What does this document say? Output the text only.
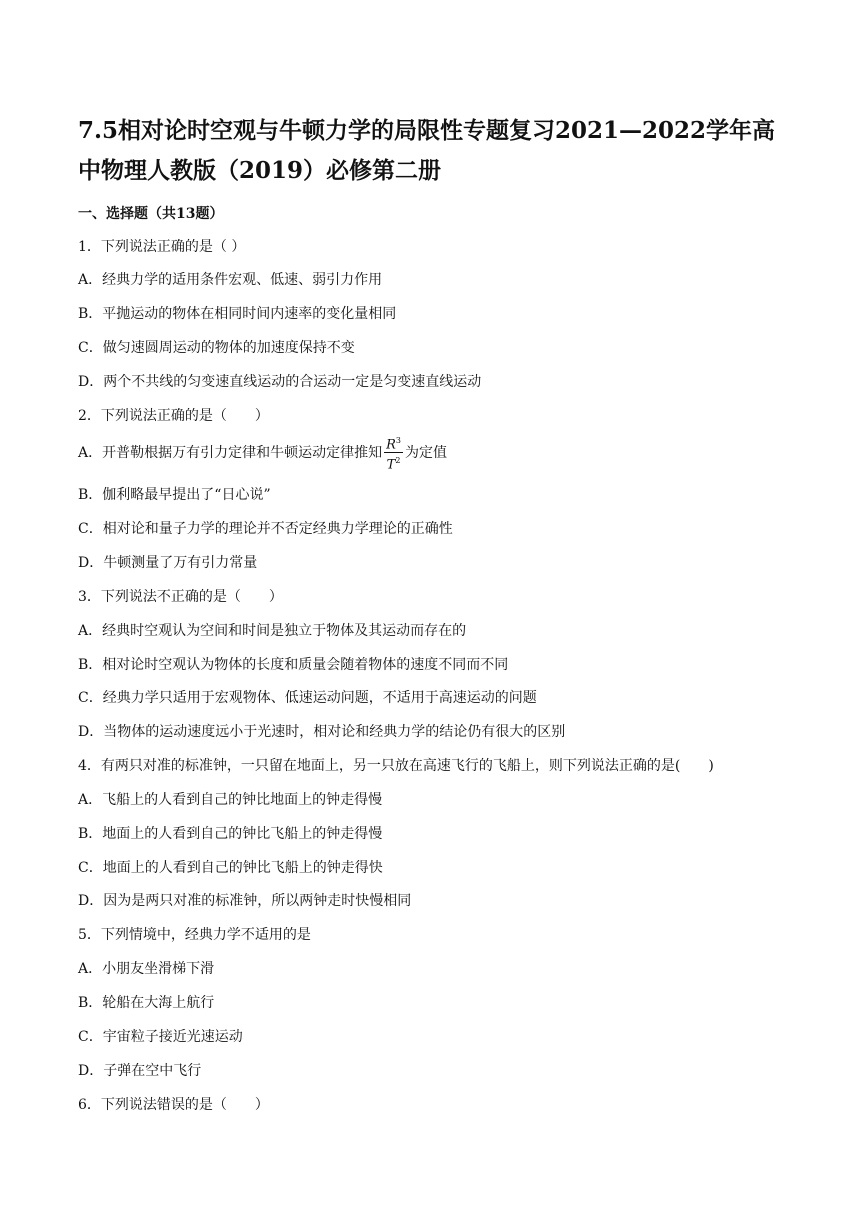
7.5相对论时空观与牛顿力学的局限性专题复习2021—2022学年高中物理人教版（2019）必修第二册
一、选择题（共13题）
1．下列说法正确的是（ ）
A．经典力学的适用条件宏观、低速、弱引力作用
B．平抛运动的物体在相同时间内速率的变化量相同
C．做匀速圆周运动的物体的加速度保持不变
D．两个不共线的匀变速直线运动的合运动一定是匀变速直线运动
2．下列说法正确的是（　　）
A．开普勒根据万有引力定律和牛顿运动定律推知 $\frac{R^3}{T^2}$ 为定值
B．伽利略最早提出了“日心说”
C．相对论和量子力学的理论并不否定经典力学理论的正确性
D．牛顿测量了万有引力常量
3．下列说法不正确的是（　　）
A．经典时空观认为空间和时间是独立于物体及其运动而存在的
B．相对论时空观认为物体的长度和质量会随着物体的速度不同而不同
C．经典力学只适用于宏观物体、低速运动问题，不适用于高速运动的问题
D．当物体的运动速度远小于光速时，相对论和经典力学的结论仍有很大的区别
4．有两只对准的标准钟，一只留在地面上，另一只放在高速飞行的飞船上，则下列说法正确的是(　　)
A．飞船上的人看到自己的钟比地面上的钟走得慢
B．地面上的人看到自己的钟比飞船上的钟走得慢
C．地面上的人看到自己的钟比飞船上的钟走得快
D．因为是两只对准的标准钟，所以两钟走时快慢相同
5．下列情境中，经典力学不适用的是
A．小朋友坐滑梯下滑
B．轮船在大海上航行
C．宇宙粒子接近光速运动
D．子弹在空中飞行
6．下列说法错误的是（　　）
